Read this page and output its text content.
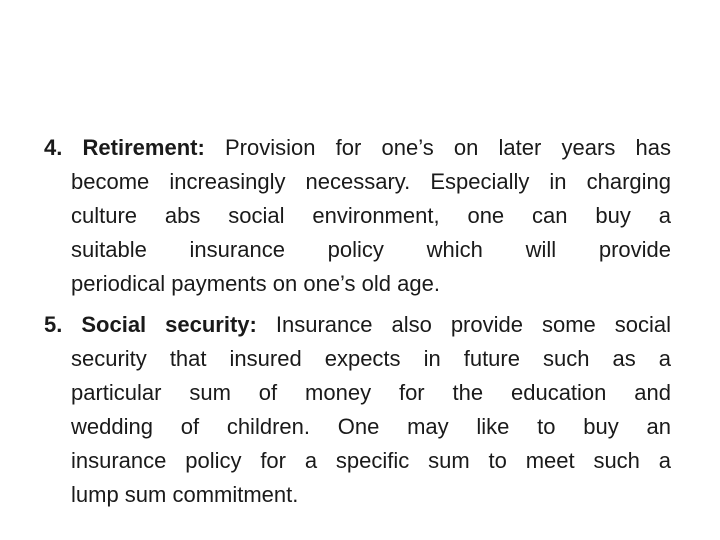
4. Retirement: Provision for one’s on later years has
become increasingly necessary. Especially in charging
culture abs social environment, one can buy a
suitable insurance policy which will provide
periodical payments on one’s old age.
5. Social security: Insurance also provide some social
security that insured expects in future such as a
particular sum of money for the education and
wedding of children. One may like to buy an
insurance policy for a specific sum to meet such a
lump sum commitment.
